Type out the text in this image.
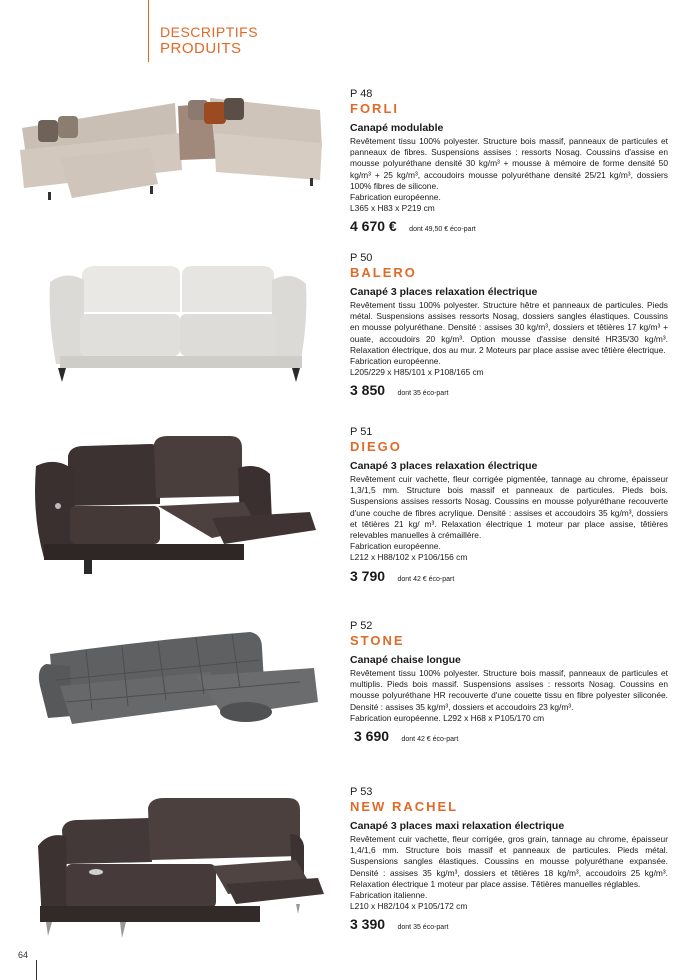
DESCRIPTIFS
PRODUITS
P 48
FORLI
Canapé modulable
Revêtement tissu 100% polyester. Structure bois massif, panneaux de particules et panneaux de fibres. Suspensions assises : ressorts Nosag. Coussins d'assise en mousse polyuréthane densité 30 kg/m³ + mousse à mémoire de forme densité 50 kg/m³ + 25 kg/m³, accoudoirs mousse polyuréthane densité 25/21 kg/m³, dossiers 100% fibres de silicone.
Fabrication européenne.
L365 x H83 x P219 cm
4 670 € dont 49,50 € éco-part
P 50
BALERO
Canapé 3 places relaxation électrique
Revêtement tissu 100% polyester. Structure hêtre et panneaux de particules. Pieds métal. Suspensions assises ressorts Nosag, dossiers sangles élastiques. Coussins en mousse polyuréthane. Densité : assises 30 kg/m³, dossiers et têtières 17 kg/m³ + ouate, accoudoirs 20 kg/m³. Option mousse d'assise densité HR35/30 kg/m³. Relaxation électrique, dos au mur. 2 Moteurs par place assise avec têtière électrique.
Fabrication européenne.
L205/229 x H85/101 x P108/165 cm
3 850 dont 35 éco-part
P 51
DIEGO
Canapé 3 places relaxation électrique
Revêtement cuir vachette, fleur corrigée pigmentée, tannage au chrome, épaisseur 1,3/1,5 mm. Structure bois massif et panneaux de particules. Pieds bois. Suspensions assises ressorts Nosag. Coussins en mousse polyuréthane recouverte d'une couche de fibres acrylique. Densité : assises et accoudoirs 35 kg/m³, dossiers et têtières 21 kg/ m³. Relaxation électrique 1 moteur par place assise, têtières relevables manuelles à crémaillère.
Fabrication européenne.
L212 x H88/102 x P106/156 cm
3 790 dont 42 € éco-part
P 52
STONE
Canapé chaise longue
Revêtement tissu 100% polyester. Structure bois massif, panneaux de particules et multiplis. Pieds bois massif. Suspensions assises : ressorts Nosag. Coussins en mousse polyuréthane HR recouverte d'une couette tissu en fibre polyester siliconée. Densité : assises 35 kg/m³, dossiers et accoudoirs 23 kg/m³.
Fabrication européenne. L292 x H68 x P105/170 cm
3 690 dont 42 € éco-part
P 53
NEW RACHEL
Canapé 3 places maxi relaxation électrique
Revêtement cuir vachette, fleur corrigée, gros grain, tannage au chrome, épaisseur 1,4/1,6 mm. Structure bois massif et panneaux de particules. Pieds métal. Suspensions sangles élastiques. Coussins en mousse polyuréthane expansée. Densité : assises 35 kg/m³, dossiers et têtières 18 kg/m³, accoudoirs 25 kg/m³. Relaxation électrique 1 moteur par place assise. Têtières manuelles réglables.
Fabrication italienne.
L210 x H82/104 x P105/172 cm
3 390 dont 35 éco-part
64
